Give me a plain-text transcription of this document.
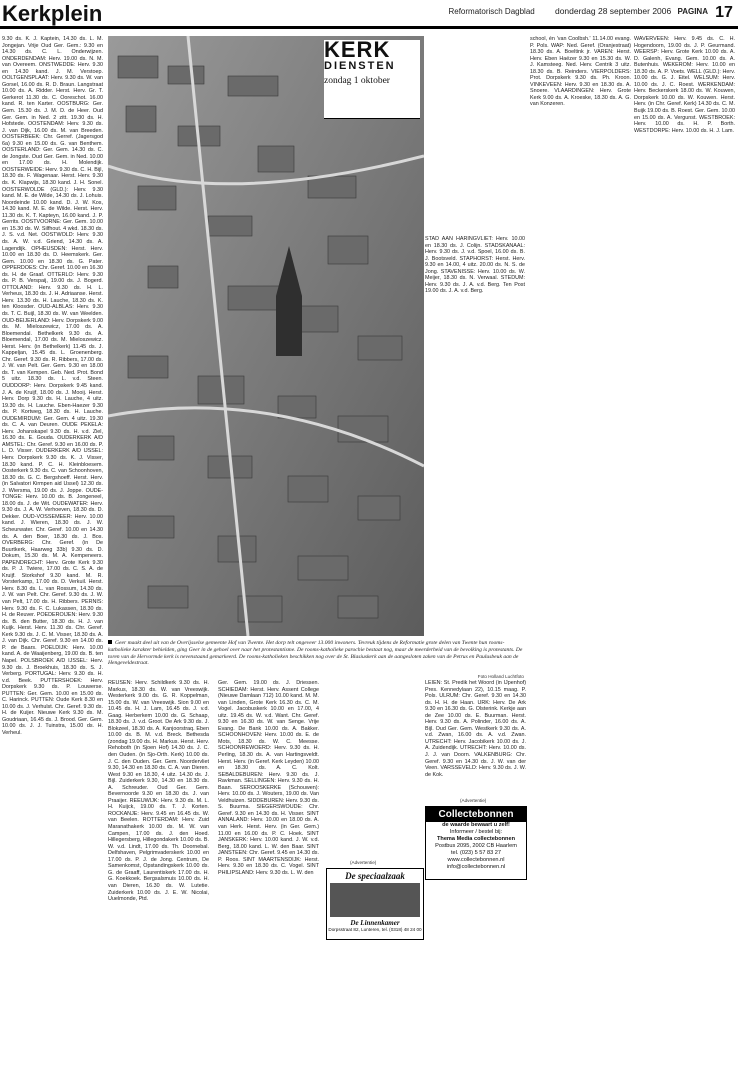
Kerkplein	Reformatorisch Dagblad donderdag 28 september 2006 PAGINA 17

9.30 ds. K. J. Kaptein, 14.30 ds. L. M. Jongejan. Vrije Oud Ger. Gem.: 9.30 en 14.30 ds. C. L. Onderwijzen. ONDERDENDAM: Herv. 19.00 ds. N. M. van Overeem. ONSTWEDDE: Herv. 9.30 en 14.30 kand. J. M. Verstoep. OOLTGENSPLAAT: Herv. 9.30 ds. W. van Gorsel, 16.00 ds. R. D. Braun. Langstraat 10.00 ds. A. Ridder. Herst. Herv. Gr. T. Gerkerot 11.30 ds. C. Ooreschot. 16.00 kand. R. ten Karter. OOSTBURG: Ger. Gem. 15.30 ds. J. M. D. de Heer. Oud Ger. Gem. in Ned. 2 zitt. 19.30 ds. H. Hofstede. OOSTENDAM: Herv. 9.30 ds. J. van Dijk, 16.00 ds. M. van Breeden. OOSTERBEEK: Chr. Gerref. (Jagersgod 6a) 9.30 en 15.00 ds. G. van Benthem. OOSTERLAND: Ger. Gem. 14.30 ds. C. de Jongste. Oud Ger. Gem. in Ned. 10.00 en 17.00 ds. H. Molendijk. OOSTERWEIDE: Herv. 9.30 ds. C. H. Bijl, 18.30 ds. F. Wagenaar. Herst. Herv. 9.30 ds. K. Klapwijs, 18.30 kand. J. H. Sonel. OOSTERWOLDE (GLD.): Herv. 9.30 kand. M. E. de Wilde, 14.30 ds. J. Lohuis. Noordeinde 10.00 kand. D. J. W. Kos, 14.30 kand. M. E. de Wilde. Herst. Herv. 11.30 ds. K. T. Kapteyn, 16.00 kand. J. P. Gerrits. OOSTVOORNE: Ger. Gem. 10.00 en 15.30 ds. W. Silfhout. 4 wkd. 18.30 ds. J. S. v.d. Net. OOSTWOLD: Herv. 9.30 ds. A. W. v.d. Griend, 14.30 ds. A. Lagendijk. OPHEUSDEN: Herst. Herv. 10.00 en 18.30 ds. D. Heemskerk. Ger. Gem. 10.00 en 18.30 ds. G. Pater. OPPERDOES: Chr. Geref. 10.00 en 16.30 ds. H. de Graaf. OTTERLO: Herv. 9.30 ds. P. B. Verspaij, 19.00 ds. J. Bogerd. OTTOLAND: Herv. 9.30 ds. H. L. Verheus, 18.30 ds. J. H. Adriaanse. Herst. Herv. 13.30 ds. H. Lauche, 18.30 ds. K. ten Kloosder. OUD-ALBLAS: Herv. 9.30 ds. T. C. Buijl, 18.30 ds. W. van Weelden. OUD-BEIJERLAND: Herv. Dorpskerk 9.00 ds. M. Mieloszewicz, 17.00 ds. A. Bloemendal. Bethelkerk 9.30 ds. A. Bloemendal, 17.00 ds. M. Mieloszewicz. Herst. Herv. (in Bethelkerk) 11.45 ds. J. Kappeljan, 15.45 ds. L. Groenenberg. Chr. Geref. 9.30 ds. R. Ribbers, 17.00 ds. J. W. van Pelt. Ger. Gem. 9.30 en 18.00 ds. T. van Kempen. Geb. Ned. Prot. Bond 5 uitz. 18.30 ds. L. v.d. Steen. OUDDORP: Herv. Dorpskerk 9.45 kand. J. A. de Kruijf, 18.00 ds. J. Mooij. Herst. Herv. Dorp 9.30 ds. H. Lauche, 4 uitz. 19.30 ds. H. Lauche. Eben-Haezer 9.30 ds. P. Kortweg, 18.30 ds. H. Lauche. OUDEMIRDUM: Ger. Gem. 4 uitz. 19.30 ds. C. A. van Deuren. OUDE PEKELA: Herv. Johanskapel 9.30 ds. H. v.d. Ziel, 16.30 ds. E. Gouda. OUDERKERK A/D AMSTEL: Chr. Geref. 9.30 en 16.00 ds. P. L. D. Visser. OUDERKERK A/D IJSSEL: Herv. Dorpskerk 9.30 ds. K. J. Visser, 18.30 kand. P. C. H. Kleinbloesem. Oosterkerk 9.30 ds. C. van Schoonhoven, 18.30 ds. G. C. Bergshoeff. Herst. Herv. (in Salvatori Kirmpen aid Ussel) 12.30 ds. J. Wiersma, 19.00 ds. J. Joppe. OUDE-TONGE: Herv. 10.00 ds. B. Jongeneel, 18.00 ds. J. de Wit. OUDEWATER: Herv. 9.30 ds. J. A. W. Verhoeven, 18.30 ds. D. Dekker. OUD-VOSSEMEER: Herv. 10.00 kand. J. Wieren, 18.30 ds. J. W. Scheurwater. Chr. Geref. 10.00 en 14.30 ds. A. den Boer, 18.30 ds. J. Bos. OVERBERG: Chr. Geref. (in De Buurtkerk, Haarweg 33b) 9.30 ds. D. Dokum, 15.30 ds. M. A. Kempeneers. PAPENDRECHT: Herv. Grote Kerk 9.30 ds. P. J. Twiere, 17.00 ds. C. S. A. de Kruijf. Storkshof 9.30 kand. M. R. Vorsterkamp, 17.00 ds. D. Verkuil. Herst. Herv. 8.30 ds. L. van Rossum, 14.30 ds. J. W. van Pelt. Chr. Geref. 9.30 ds. J. W. van Pelt, 17.00 ds. H. Ribbers. PERNIS: Herv. 9.30 ds. F. C. Lukassen, 18.30 ds. H. de Reuver. POEDEROIJEN: Herv. 9.30 ds. B. den Butter, 18.30 ds. H. J. van Kuijk. Herst. Herv. 11.30 ds. Chr. Geref. Kerk 9.30 ds. J. C. M. Visser, 18.30 ds. A. J. van Dijk. Chr. Geref. 9.30 en 14.00 ds. P. de Baars. POELDIJK: Herv. 10.00 kand. A. de Waaijenberg, 19.00 ds. B. ten Napel. POLSBROEK A/D IJSSEL: Herv. 9.30 ds. J. Broekhuis, 18.30 ds. S. J. Verberg. PORTUGAL: Herv. 9.30 ds. H. v.d. Beek. PUTTERSHOEK: Herv. Dorpskerk 9.30 ds. P. Louwerse. PUTTEN: Ger. Gem. 10.00 en 15.00 ds. C. Harinck. PUTTEN: Oude Kerk 8.30 en 10.00 ds. J. Verhulst. Chr. Geref. 9.30 ds. H. de Kuijer. Nieuwe Kerk 9.30 ds. M. Goudriaan, 16.45 ds. J. Brood. Ger. Gem. 10.00 ds. J. J. Tuinstra, 15.00 ds. H. Verheul.

KERK
DIENSTEN
zondag 1 oktober

STAD AAN HARINGVLIET: Herv. 10.00 en 18.30 ds. J. Colijn. STADSKANAAL: Herv. 9.30 ds. J. v.d. Spoel, 16.00 ds. B. J. Bootsveld. STAPHORST: Herst. Herv. 9.30 en 14.00, 4 uitz. 20.00 ds. N. S. de Jong. STAVENISSE: Herv. 10.00 ds. W. Meijer, 18.30 ds. N. Verwaal. STEDUM: Herv. 9.30 ds. J. A. v.d. Berg. Ten Post 19.00 ds. J. A. v.d. Berg.

school, én 'van Coolbsh.' 11.14.00 evang. P. Pols. WAP: Ned. Geref. (Oranjestraat) 18.30 ds. A. Boeltink jr. VAREN: Herst. Herv. Eben Haëzer 9.30 en 15.30 ds. W. J. Kamsteeg. Ned. Herv. Centrik 3 uitz. 18.30 ds. B. Reinders. VIERPOLDERS: Prot. Dorpskerk 9.30 ds. Ph. Kroon. VINKEVEEN: Herv. 9.30 en 18.30 ds. A. Snoere. VLAARDINGEN: Herv. Grote Kerk 9.00 ds. A. Kroeske, 18.30 ds. A. G. van Konzeren.

WAVERVEEN: Herv. 9.45 ds. C. H. Hogendoorn, 19.00 ds. J. P. Geurmand. WEERSP: Herv. Grote Kerk 10.00 ds. A. D. Galenh, Evang. Gem. 10.00 ds. A. Butenhuis. WEKEROM: Herv. 10.00 en 18.30 ds. A. P. Voets. WELL (GLD.): Herv. 10.00 ds. G. J. Eitel. WELSUM: Herv. 10.00 ds. J. C. Roest. WERKENDAM: Herv. Beckerskerk 18.00 ds. W. Kouwen, Dorpskerk 10.00 ds. W. Kouwen. Herst. Herv. (in Chr. Geref. Kerk) 14.30 ds. C. M. Buijk 19.00 ds. B. Roest. Ger. Gem. 10.00 en 15.00 ds. A. Vergunst. WESTBROEK: Herv. 10.00 ds. H. P. Borth. WESTDORPE: Herv. 10.00 ds. H. J. Lam.

Geer maakt deel uit van de Overijsselse gemeente Hof van Twente. Het dorp telt ongeveer 13.000 inwoners. Tevreuk tijdens de Reformatie grote delen van Twente hun rooms-katholieke karakter behielden, ging Geer in de gehoel over naar het protestantisme. De rooms-katholieke parochie bestaat nog, maar de meerderheid van de bevolking is protestants. De toren van de Hervormde kerk is nevenstaand gemarkeerd. De rooms-katholieken beschikken nog over de St. Blasiuskerk aan de aangesloten zaken van de Petrus en Paulusbeuk aan de Hengeveldestraat.
Foto Holland Luchtfoto

REUSEN: Herv. Schildkerk 9.30 ds. H. Markus, 18.30 ds. W. van Vreeswijk. Westerkerk 9.00 ds. G. R. Koppelman, 15.00 ds. W. van Vreeswijk. Sion 9.00 en 10.45 ds. H. J. Lam, 16.45 ds. J. v.d. Gaag. Herberkem 10.00 ds. G. Schaap, 18.30 ds. J. v.d. Groot. De Ark 9.30 ds. J. Blokzeel, 18.30 ds. A. Kanjoorstraq. Eben 10.00 ds. B. M. v.d. Breck. Bethesda (zondag 19.00 ds. H. Markus. Herst. Herv. Rehoboth (in Sjoen Hof) 14.30 ds. J. C. den Ouden. (in Sjo-Orth. Kerk) 10.00 ds. J. C. den Ouden. Ger. Gem. Noordervliet 9.30, 14.30 en 18.30 ds. C. A. van Dieren. West 9.30 en 18.30, 4 uitz. 14.30 ds. J. Bijl. Zuiderkerk 9.30, 14.30 en 18.30 ds. A. Schreuder. Oud Ger. Gem. Bevernoorde 9.30 en 18.30 ds. J. van Praaijer. REEUWIJK: Herv. 9.30 ds. M. L. H. Kuijck, 19.00 ds. T. J. Korten. ROCKANJE: Herv. 9.45 en 16.45 ds. W. van Beelen. ROTTERDAM: Herv. Zuid Maranathakerk 10.00 ds. M. W. van Campen, 17.00 ds. J. den Hoed. Hillegersberg, Hillegondakerk 10.00 ds. B. W. v.d. Lindt, 17.00 ds. Th. Doornebal. Delfshaven, Pelgrimvaderskerk 10.00 en 17.00 ds. P. J. de Jong. Centrum, De Samenkomst, Opstandingskerk 10.00 ds. G. de Graaff, Laurentiskerk 17.00 ds. H. G. Koekkoek. Bergsalsmuis 10.00 ds. H. van Dieren, 16.30 ds. W. Lutetie. Zuiderkerk 10.00 ds. J. E. W. Nicolai, Uuelmonde, Ptd.

Ger. Gem. 19.00 ds. J. Driessen. SCHIEDAM: Herst. Herv. Assent College (Nieuwe Damlaan 712) 10.00 kand. M. M. van Linden, Grote Kerk 16.30 ds. C. M. Vogel. Jacobuskerk 10.00 en 17.00, 4 uitz. 19.45 ds. W. v.d. Want. Chr. Geref. 9.30 en 16.30 ds. W. van Senge. Vrije Evang. De Bank 10.00 ds. A. Bakker. SCHOONHOVEN: Herv. 10.00 ds. E. de Mots, 18.30 ds. W. C. Meesse. SCHOONREWOERD: Herv. 9.30 ds. H. Perling, 18.30 ds. A. van Hartingsveldt. Herst. Herv. (in Geref. Kerk Leyden) 10.00 en 18.30 ds. A. C. Kolt. SEBALDEBUREN: Herv. 9.30 ds. J. Ravkman. SELLINGEN: Herv. 9.30 ds. H. Baan. SEROOSKERKE (Schouwen): Herv. 10.00 ds. J. Wouters, 19.00 ds. Van Veldhuizen. SIDDEBUREN: Herv. 9.30 ds. S. Buurma. SIEGERSWOUDE: Chr. Geref. 9.30 en 14.30 ds. H. Visser. SINT ANNALAND: Herv. 10.00 en 18.00 ds. A. van Herk. Herst. Herv. (in Ger. Gem.) 11.00 en 16.00 ds. P. C. Hoek. SINT JANSKERK: Herv. 10.00 kand. J. W. v.d. Berg, 18.00 kand. L. W. den Baar. SINT JANSTEEN: Chr. Geref. 9.45 en 14.30 ds. P. Roos. SINT MAARTENSDIJK: Herst. Herv. 9.30 en 18.30 ds. C. Vogel. SINT PHILIPSLAND: Herv. 9.30 ds. L. W. den

LEIEN: St. Predik het Woord (in IJpenhof) Pres. Kennedylaan 22), 10.15 maag. P. Pols. ULRUM: Chr. Geref. 9.30 en 14.30 ds. H. H. de Haan. URK: Herv. De Ark 9.30 en 16.30 ds. G. Olsterink. Kerkje aan de Zee 10.00 ds. E. Buurman. Herst. Herv. 9.30 ds. A. Polinder, 16.00 ds. A. Bijl. Oud Ger. Gem. Westkerk 9.30 ds. A. v.d. Zwan, 16.00 ds. A. v.d. Zwan. UTRECHT: Herv. Jacobikerk 10.00 ds. J. A. Zuidendijk. UTRECHT: Herv. 10.00 ds. J. J. van Doorn. VALKENBURG: Chr. Geref. 9.30 en 14.30 ds. J. W. van der Veen. VARSSEVELD: Herv. 9.30 ds. J. W. de Kok.

(Advertentie)
Collectebonnen
de waarde bewaart u zelf!
Informeer / bestel bij:
Thema Media collectebonnen
Postbus 2095, 2002 CB Haarlem
tel. (023) 5 57 83 27
www.collectebonnen.nl
info@collectebonnen.nl
(Advertentie)
De speciaalzaak
De Linnenkamer
Dorpsstraat 82, Lunteren, tel. (0318) 48 24 00
